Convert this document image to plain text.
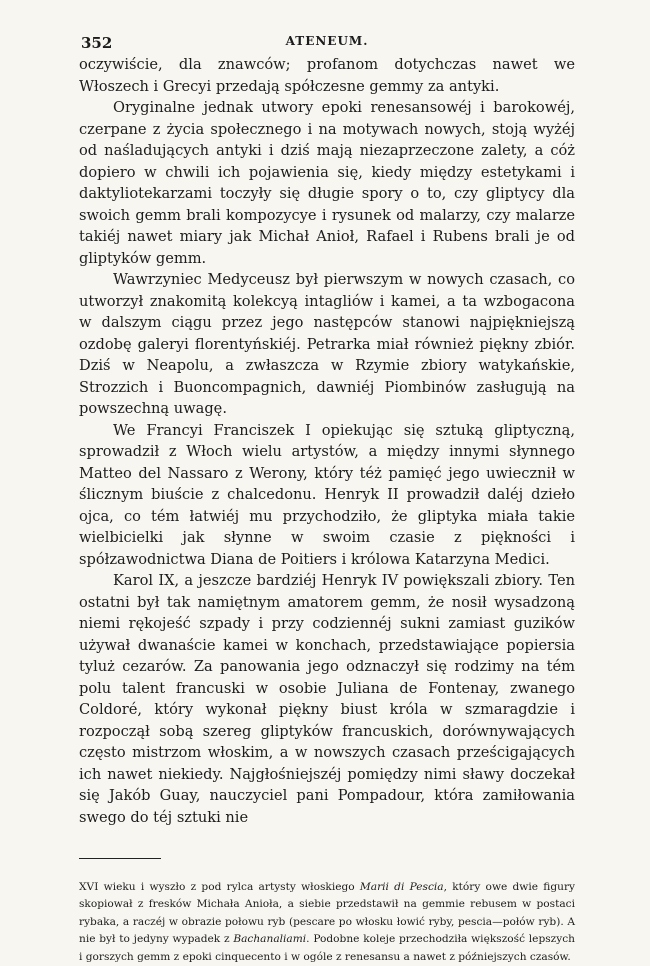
352	ATENEUM.

oczywiście, dla znawców; profanom dotychczas nawet we Włoszech i Grecyi przedają spółczesne gemmy za antyki.

Oryginalne jednak utwory epoki renesansowéj i barokowéj, czerpane z życia społecznego i na motywach nowych, stoją wyżéj od naśladujących antyki i dziś mają niezaprzeczone zalety, a cóż dopiero w chwili ich pojawienia się, kiedy między estetykami i daktyliotekarzami toczyły się długie spory o to, czy gliptycy dla swoich gemm brali kompozycye i rysunek od malarzy, czy malarze takiéj nawet miary jak Michał Anioł, Rafael i Rubens brali je od gliptyków gemm.

Wawrzyniec Medyceusz był pierwszym w nowych czasach, co utworzył znakomitą kolekcyą intagliów i kamei, a ta wzbogacona w dalszym ciągu przez jego następców stanowi najpiękniejszą ozdobę galeryi florentyńskiéj. Petrarka miał również piękny zbiór. Dziś w Neapolu, a zwłaszcza w Rzymie zbiory watykańskie, Strozzich i Buoncompagnich, dawniéj Piombinów zasługują na powszechną uwagę.

We Francyi Franciszek I opiekując się sztuką gliptyczną, sprowadził z Włoch wielu artystów, a między innymi słynnego Matteo del Nassaro z Werony, który téż pamięć jego uwiecznił w ślicznym biuście z chalcedonu. Henryk II prowadził daléj dzieło ojca, co tém łatwiéj mu przychodziło, że gliptyka miała takie wielbicielki jak słynne w swoim czasie z piękności i spółzawodnictwa Diana de Poitiers i królowa Katarzyna Medici.

Karol IX, a jeszcze bardziéj Henryk IV powiększali zbiory. Ten ostatni był tak namiętnym amatorem gemm, że nosił wysadzoną niemi rękojeść szpady i przy codziennéj sukni zamiast guzików używał dwanaście kamei w konchach, przedstawiające popiersia tyluż cezarów. Za panowania jego odznaczył się rodzimy na tém polu talent francuski w osobie Juliana de Fontenay, zwanego Coldoré, który wykonał piękny biust króla w szmaragdzie i rozpoczął sobą szereg gliptyków francuskich, dorównywających często mistrzom włoskim, a w nowszych czasach prześcigających ich nawet niekiedy. Najgłośniejszéj pomiędzy nimi sławy doczekał się Jakób Guay, nauczyciel pani Pompadour, która zamiłowania swego do téj sztuki nie

XVI wieku i wyszło z pod rylca artysty włoskiego Marii di Pescia, który owe dwie figury skopiował z fresków Michała Anioła, a siebie przedstawił na gemmie rebusem w postaci rybaka, a raczéj w obrazie połowu ryb (pescare po włosku łowić ryby, pescia—połów ryb). A nie był to jedyny wypadek z Bachanaliami. Podobne koleje przechodziła większość lepszych i gorszych gemm z epoki cinquecento i w ogóle z renesansu a nawet z późniejszych czasów.
